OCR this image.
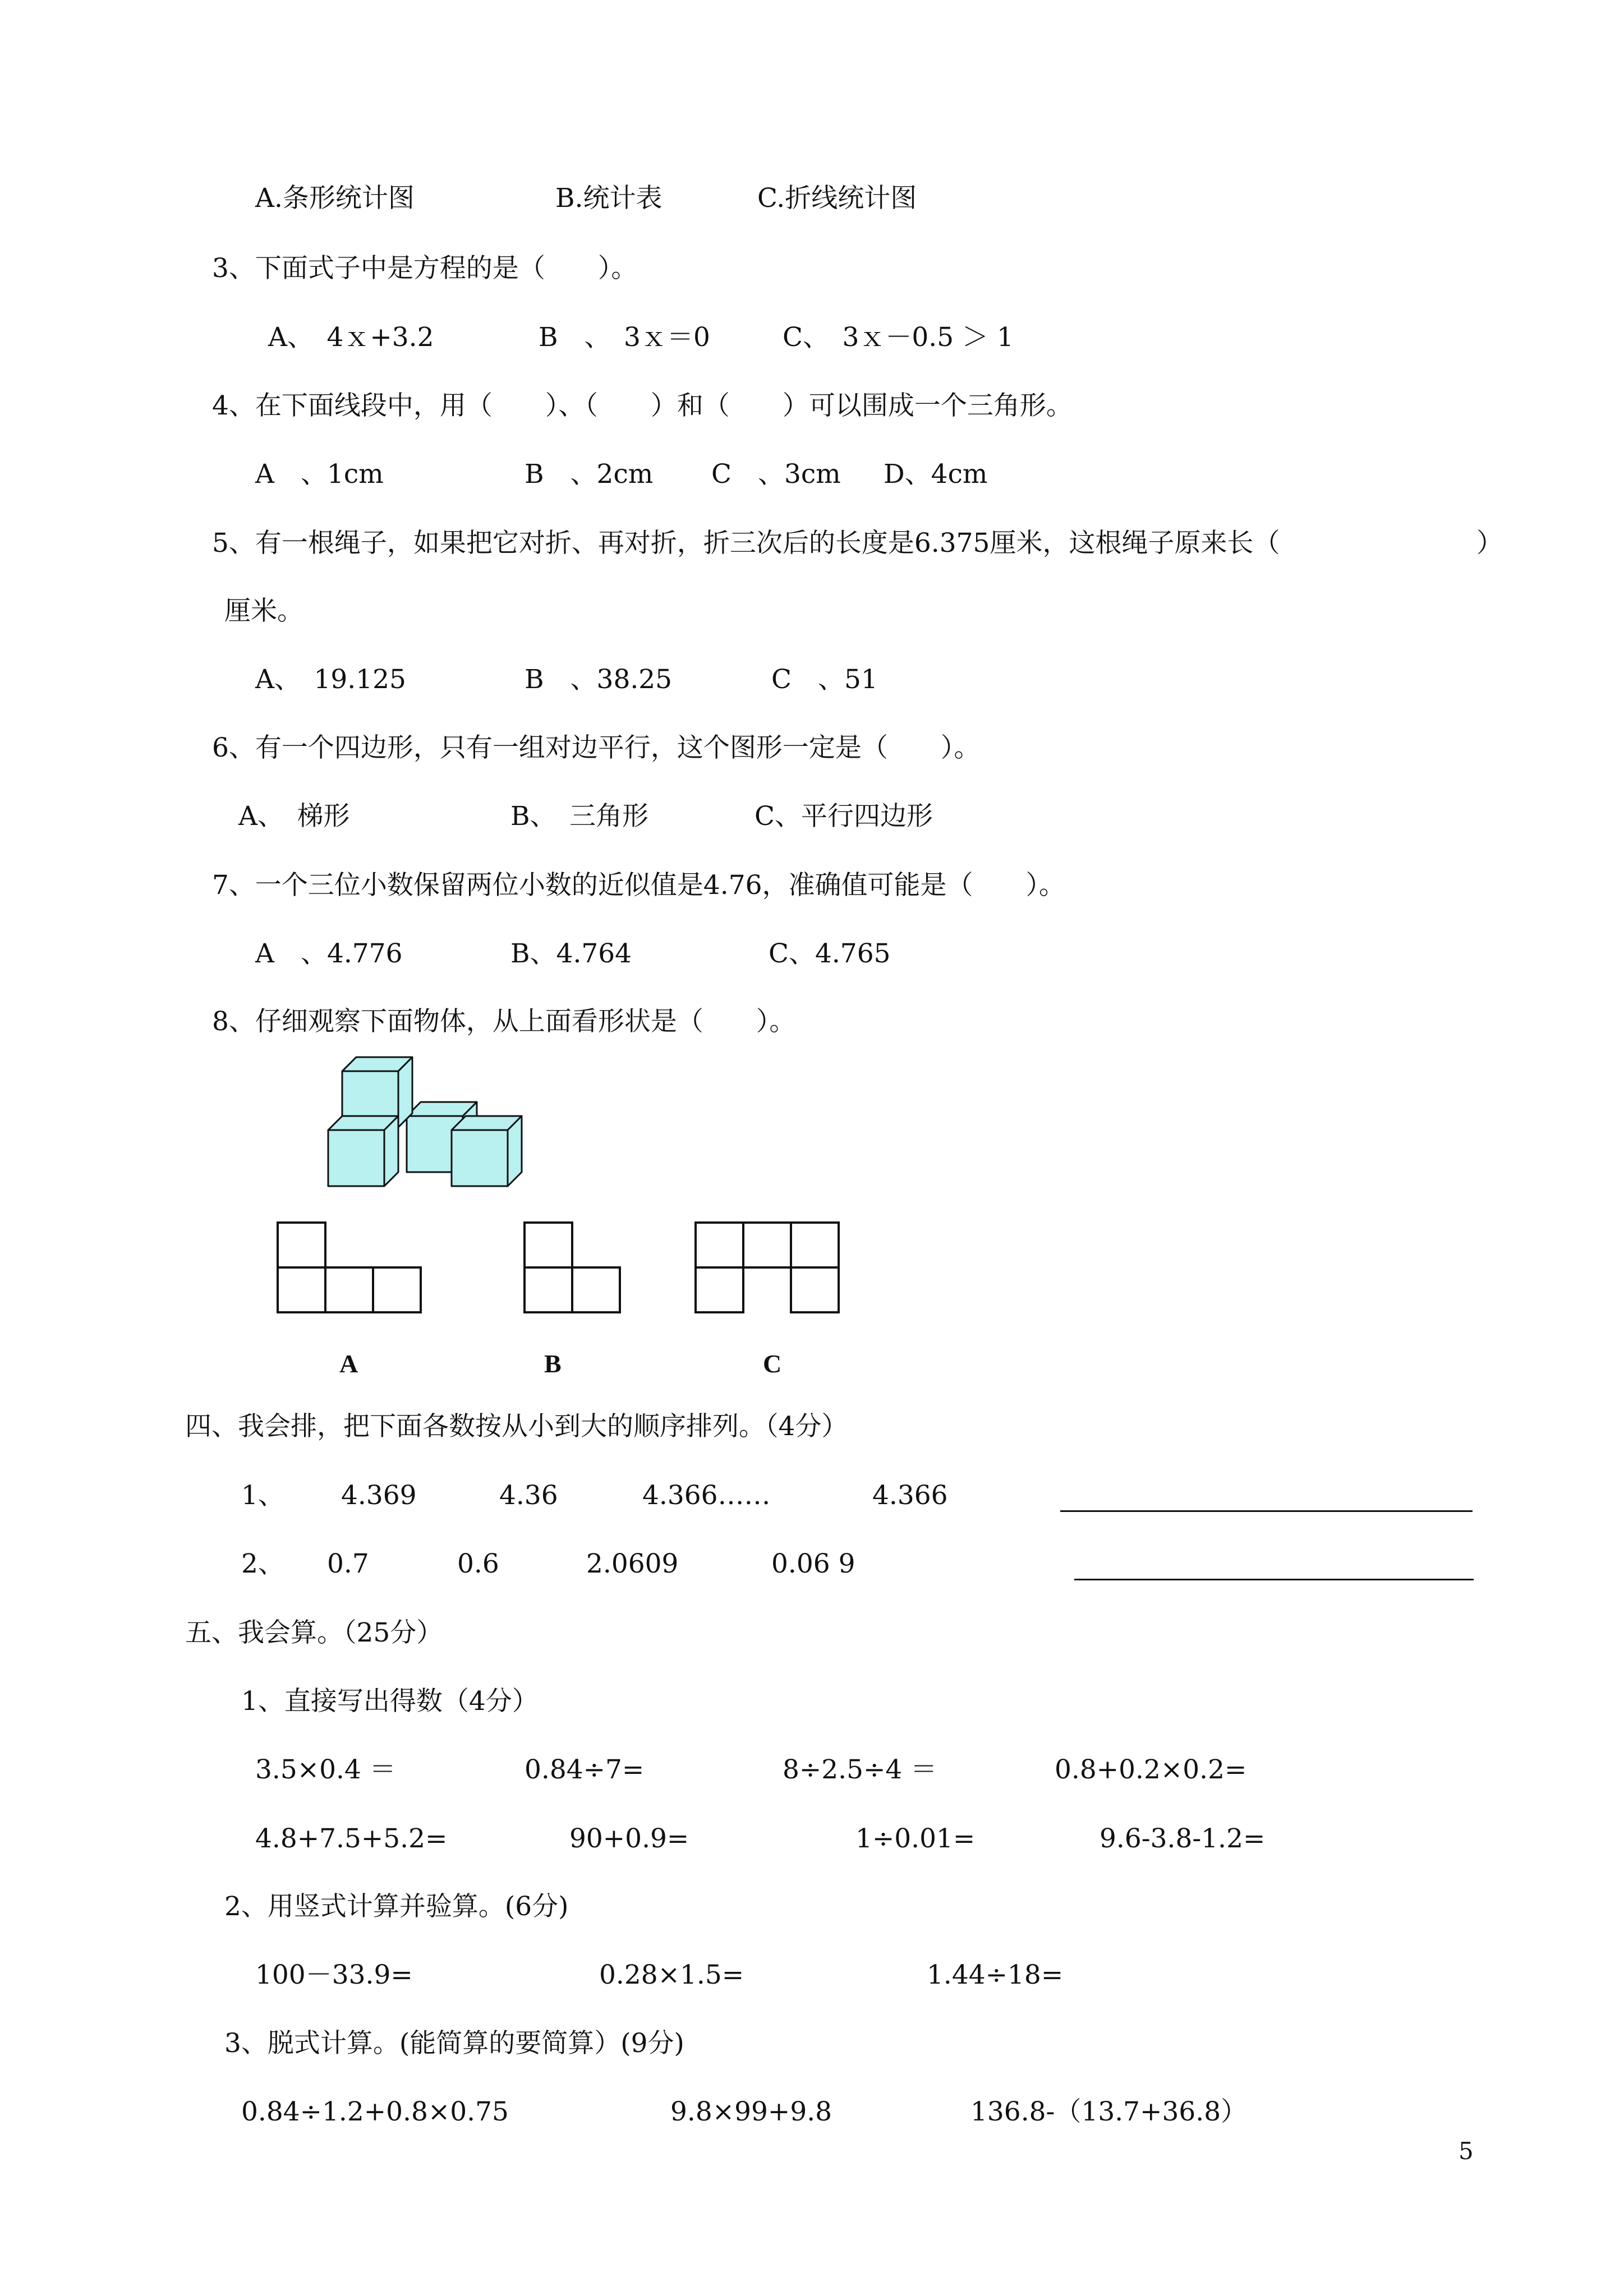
A.条形统计图	B.统计表	C.折线统计图
3、下面式子中是方程的是（　　）。
A、　4ｘ+3.2	B　、　3ｘ＝0	C、　3ｘ－0.5 ＞ 1
4、在下面线段中，用（　　）、（　　）和（　　）可以围成一个三角形。
A　、1cm	B　、2cm C　、3cm D、4cm
5、有一根绳子，如果把它对折、再对折，折三次后的长度是6.375厘米，这根绳子原来长（	）
厘米。
A、　19.125	B　、38.25	C　、51
6、有一个四边形，只有一组对边平行，这个图形一定是（　　）。
A、　梯形	B、　三角形	C、平行四边形
7、一个三位小数保留两位小数的近似值是4.76，准确值可能是（　　）。
A　、4.776	B、4.764	C、4.765
8、仔细观察下面物体，从上面看形状是（　　）。
A	B	C
四、我会排，把下面各数按从小到大的顺序排列。（4分）
1、 4.369	4.36	4.366……	4.366
2、 0.7	0.6	2.0609	0.06 9
五、我会算。（25分）
1、直接写出得数（4分）
3.5×0.4 ＝	0.84÷7=	8÷2.5÷4 ＝	0.8+0.2×0.2=
4.8+7.5+5.2=	90+0.9=	1÷0.01=	9.6-3.8-1.2=
2、用竖式计算并验算。(6分)
100－33.9=	0.28×1.5=	1.44÷18=
3、脱式计算。(能简算的要简算）(9分)
0.84÷1.2+0.8×0.75	9.8×99+9.8	136.8-（13.7+36.8）
5
